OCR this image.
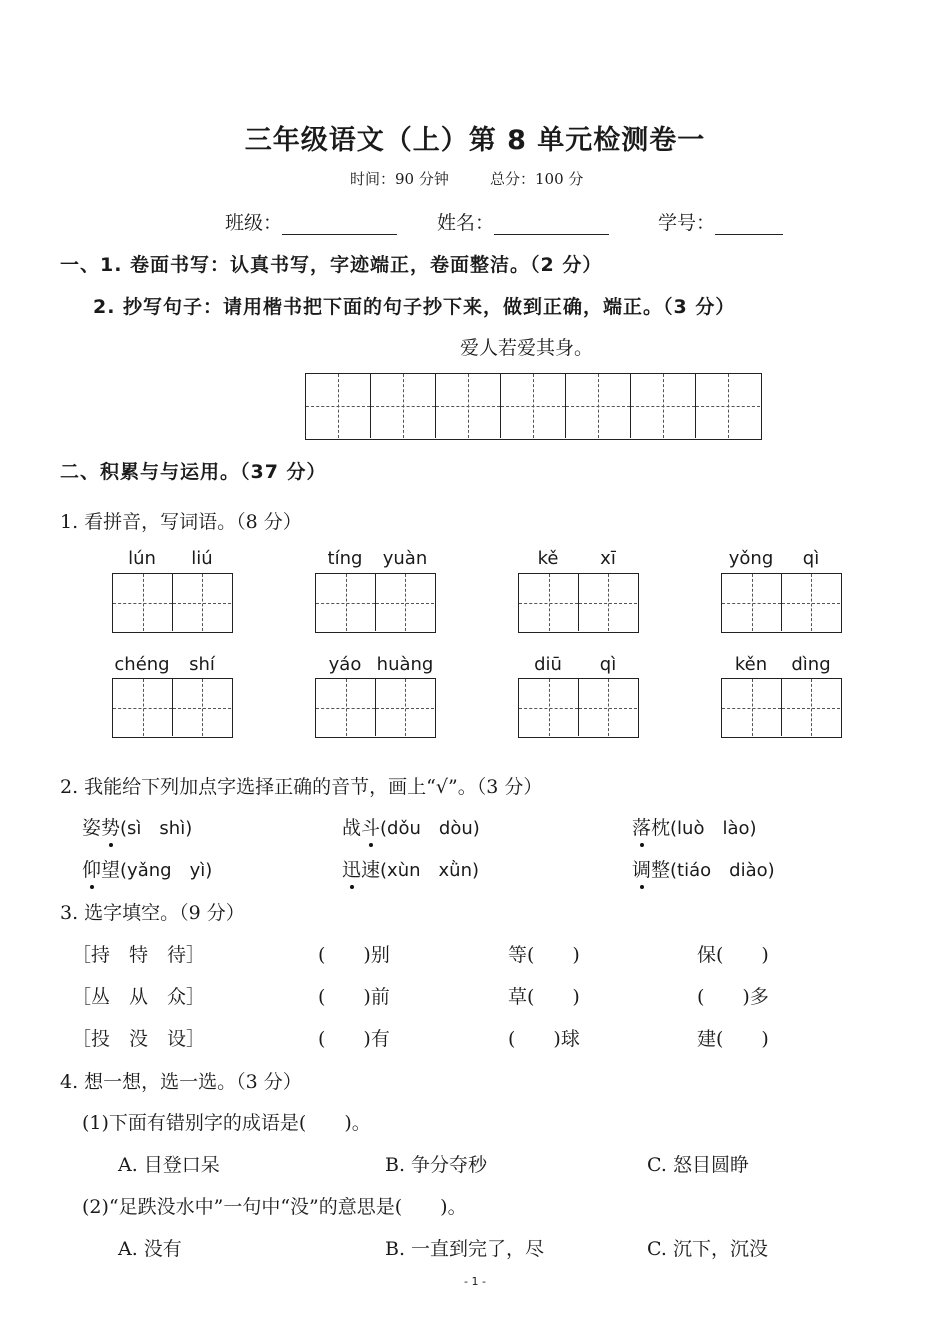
三年级语文（上）第 8 单元检测卷一
时间：90 分钟	总分：100 分
班级：	姓名：	学号：
一、1. 卷面书写：认真书写，字迹端正，卷面整洁。（2 分）
2. 抄写句子：请用楷书把下面的句子抄下来，做到正确，端正。（3 分）
爱人若爱其身。
二、积累与与运用。（37 分）
1. 看拼音，写词语。（8 分）
lún	liú	tíng	yuàn	kě	xī	yǒng	qì
chéng	shí	yáo huàng	diū	qì	kěn	dìng
2. 我能给下列加点字选择正确的音节，画上“√”。（3 分）
姿势(sì　shì)	战斗(dǒu　dòu)	落枕(luò　lào)
仰望(yǎng　yì)	迅速(xùn　xǜn)	调整(tiáo　diào)
3. 选字填空。（9 分）
［持　特　待］	(　　)别	等(　　)	保(　　)
［丛　从　众］	(　　)前	草(　　)	(　　)多
［投　没　设］	(　　)有	(　　)球	建(　　)
4. 想一想，选一选。（3 分）
(1)下面有错别字的成语是(　　)。
A. 目登口呆	B. 争分夺秒	C. 怒目圆睁
(2)“足跌没水中”一句中“没”的意思是(　　)。
A. 没有	B. 一直到完了，尽	C. 沉下，沉没
- 1 -
